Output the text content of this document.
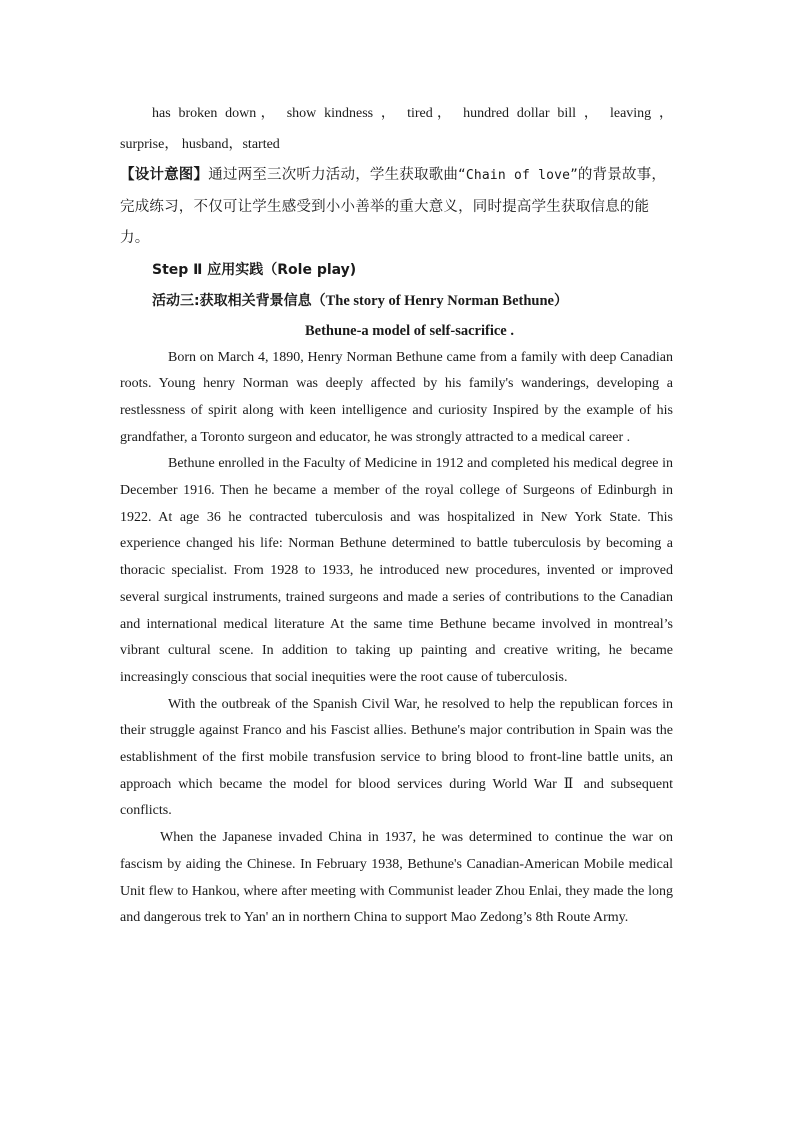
has broken down， show kindness ， tired， hundred dollar bill ， leaving ，
surprise， husband，started
【设计意图】通过两至三次听力活动，学生获取歌曲“Chain of love”的背景故事，完成练习，不仅可让学生感受到小小善举的重大意义，同时提高学生获取信息的能力。
Step Ⅱ 应用实践（Role play)
活动三:获取相关背景信息（The story of Henry Norman Bethune）
Bethune-a model of self-sacrifice .

Born on March 4, 1890, Henry Norman Bethune came from a family with deep Canadian roots. Young henry Norman was deeply affected by his family's wanderings, developing a restlessness of spirit along with keen intelligence and curiosity Inspired by the example of his grandfather, a Toronto surgeon and educator, he was strongly attracted to a medical career .

Bethune enrolled in the Faculty of Medicine in 1912 and completed his medical degree in December 1916. Then he became a member of the royal college of Surgeons of Edinburgh in 1922. At age 36 he contracted tuberculosis and was hospitalized in New York State. This experience changed his life: Norman Bethune determined to battle tuberculosis by becoming a thoracic specialist. From 1928 to 1933, he introduced new procedures, invented or improved several surgical instruments, trained surgeons and made a series of contributions to the Canadian and international medical literature At the same time Bethune became involved in montreal’s vibrant cultural scene. In addition to taking up painting and creative writing, he became increasingly conscious that social inequities were the root cause of tuberculosis.

With the outbreak of the Spanish Civil War, he resolved to help the republican forces in their struggle against Franco and his Fascist allies. Bethune's major contribution in Spain was the establishment of the first mobile transfusion service to bring blood to front-line battle units, an approach which became the model for blood services during World War Ⅱ and subsequent conflicts.

When the Japanese invaded China in 1937, he was determined to continue the war on fascism by aiding the Chinese. In February 1938, Bethune's Canadian-American Mobile medical Unit flew to Hankou, where after meeting with Communist leader Zhou Enlai, they made the long and dangerous trek to Yan' an in northern China to support Mao Zedong’s 8th Route Army.
